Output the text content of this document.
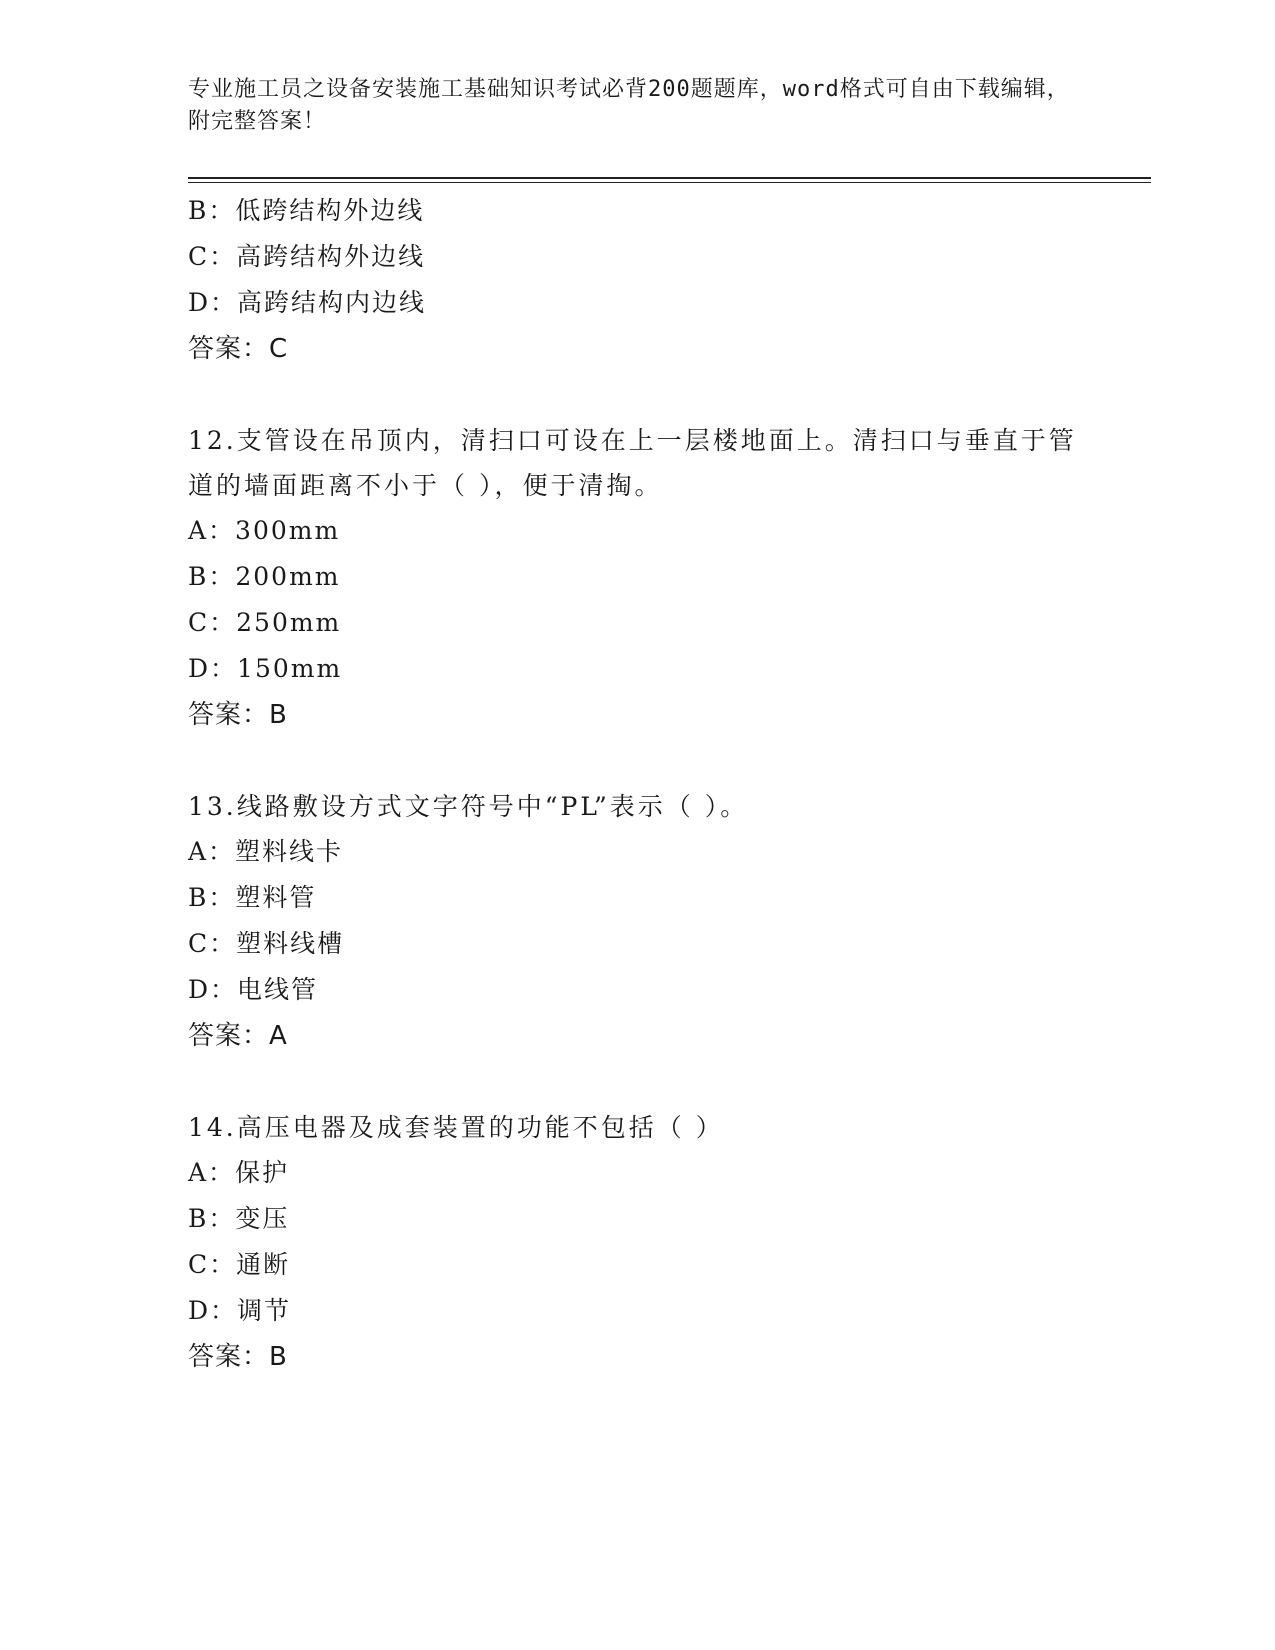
专业施工员之设备安装施工基础知识考试必背200题题库，word格式可自由下载编辑，附完整答案！
B：低跨结构外边线
C：高跨结构外边线
D：高跨结构内边线
答案：C
12.支管设在吊顶内，清扫口可设在上一层楼地面上。清扫口与垂直于管道的墙面距离不小于（ ），便于清掏。
A：300mm
B：200mm
C：250mm
D：150mm
答案：B
13.线路敷设方式文字符号中“PL”表示（ ）。
A：塑料线卡
B：塑料管
C：塑料线槽
D：电线管
答案：A
14.高压电器及成套装置的功能不包括（ ）
A：保护
B：变压
C：通断
D：调节
答案：B
